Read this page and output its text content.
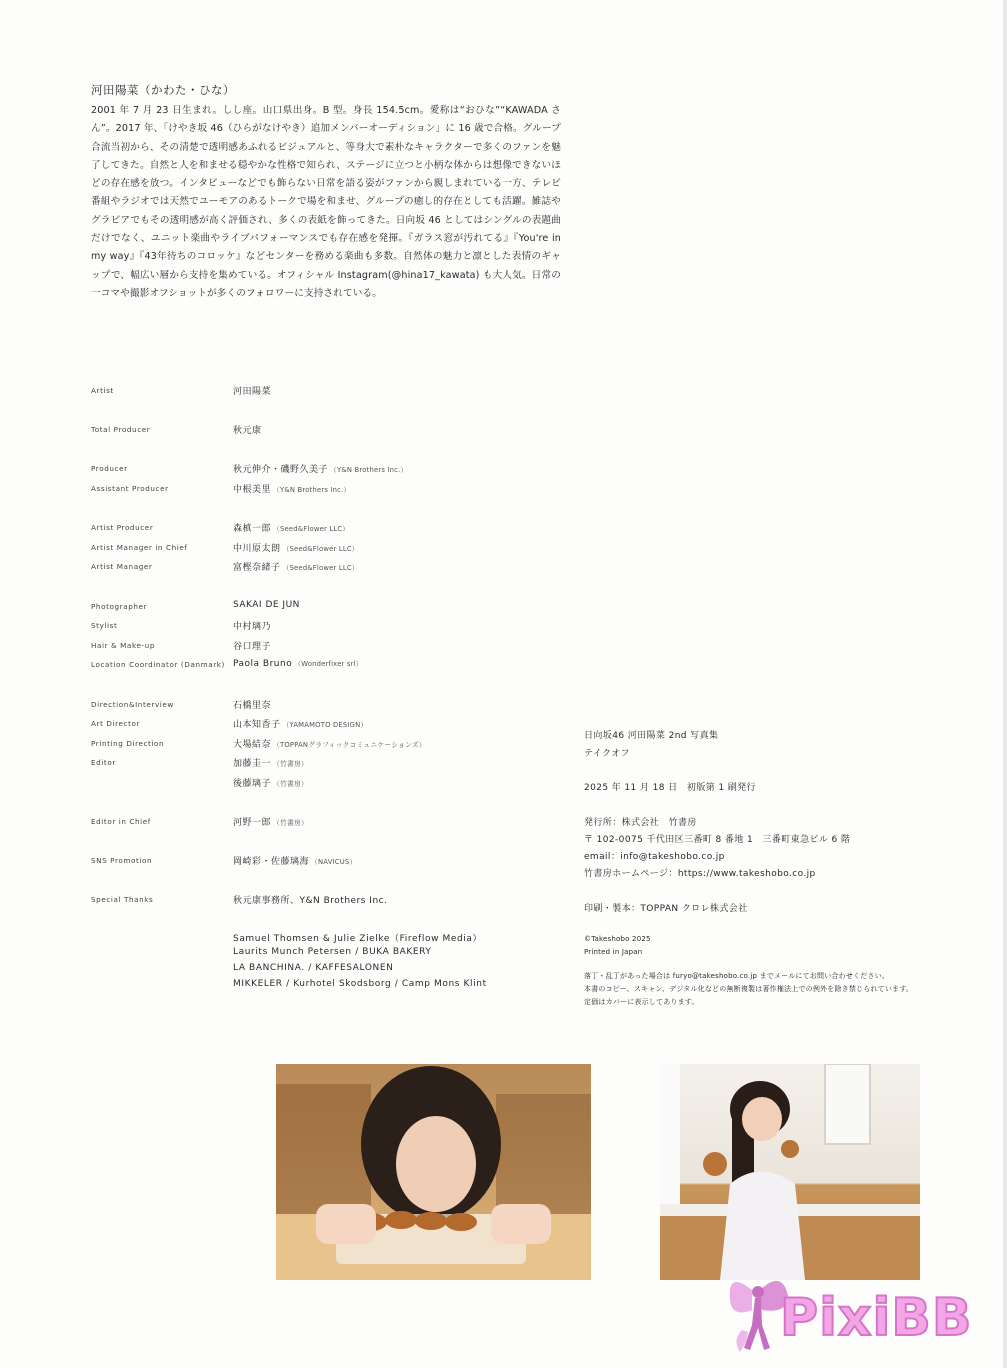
河田陽菜（かわた・ひな）

2001 年 7 月 23 日生まれ。しし座。山口県出身。B 型。身長 154.5cm。愛称は“おひな”“KAWADA さん”。2017 年、「けやき坂 46（ひらがなけやき）追加メンバーオーディション」に 16 歳で合格。グループ合流当初から、その清楚で透明感あふれるビジュアルと、等身大で素朴なキャラクターで多くのファンを魅了してきた。自然と人を和ませる穏やかな性格で知られ、ステージに立つと小柄な体からは想像できないほどの存在感を放つ。インタビューなどでも飾らない日常を語る姿がファンから親しまれている一方、テレビ番組やラジオでは天然でユーモアのあるトークで場を和ませ、グループの癒し的存在としても活躍。雑誌やグラビアでもその透明感が高く評価され、多くの表紙を飾ってきた。日向坂 46 としてはシングルの表題曲だけでなく、ユニット楽曲やライブパフォーマンスでも存在感を発揮。『ガラス窓が汚れてる』『You're in my way』『43年待ちのコロッケ』などセンターを務める楽曲も多数。自然体の魅力と凛とした表情のギャップで、幅広い層から支持を集めている。オフィシャル Instagram(@hina17_kawata) も大人気。日常の一コマや撮影オフショットが多くのフォロワーに支持されている。

Artist	河田陽菜
Total Producer	秋元康
Producer	秋元伸介・磯野久美子 （Y&N Brothers Inc.）
Assistant Producer	中根美里 （Y&N Brothers Inc.）
Artist Producer	森槙一郎 （Seed&Flower LLC）
Artist Manager in Chief	中川原太朗 （Seed&Flower LLC）
Artist Manager	富樫奈緒子 （Seed&Flower LLC）
Photographer	SAKAI DE JUN
Stylist	中村璃乃
Hair & Make-up	谷口理子
Location Coordinator (Danmark) Paola Bruno （Wonderfixer srl）
Direction&Interview	石橋里奈
Art Director	山本知香子 （YAMAMOTO DESIGN）
Printing Direction	大場結奈 （TOPPANグラフィックコミュニケーションズ）
Editor	加藤圭一 （竹書房）
後藤璃子 （竹書房）
Editor in Chief	河野一郎 （竹書房）
SNS Promotion	岡崎彩・佐藤璃海 （NAVICUS）
Special Thanks	秋元康事務所、Y&N Brothers Inc.
Samuel Thomsen & Julie Zielke（Fireflow Media）
Laurits Munch Petersen / BUKA BAKERY
LA BANCHINA. / KAFFESALONEN
MIKKELER / Kurhotel Skodsborg / Camp Mons Klint
日向坂46 河田陽菜 2nd 写真集
テイクオフ
2025 年 11 月 18 日　初版第 1 刷発行
発行所：株式会社　竹書房
〒 102-0075 千代田区三番町 8 番地 1　三番町東急ビル 6 階
email：info@takeshobo.co.jp
竹書房ホームページ：https://www.takeshobo.co.jp
印刷・製本：TOPPAN クロレ株式会社
©Takeshobo 2025
Printed in Japan
落丁・乱丁があった場合は furyo@takeshobo.co.jp までメールにてお問い合わせください。
本書のコピー、スキャン、デジタル化などの無断複製は著作権法上での例外を除き禁じられています。
定価はカバーに表示してあります。
PixiBB
